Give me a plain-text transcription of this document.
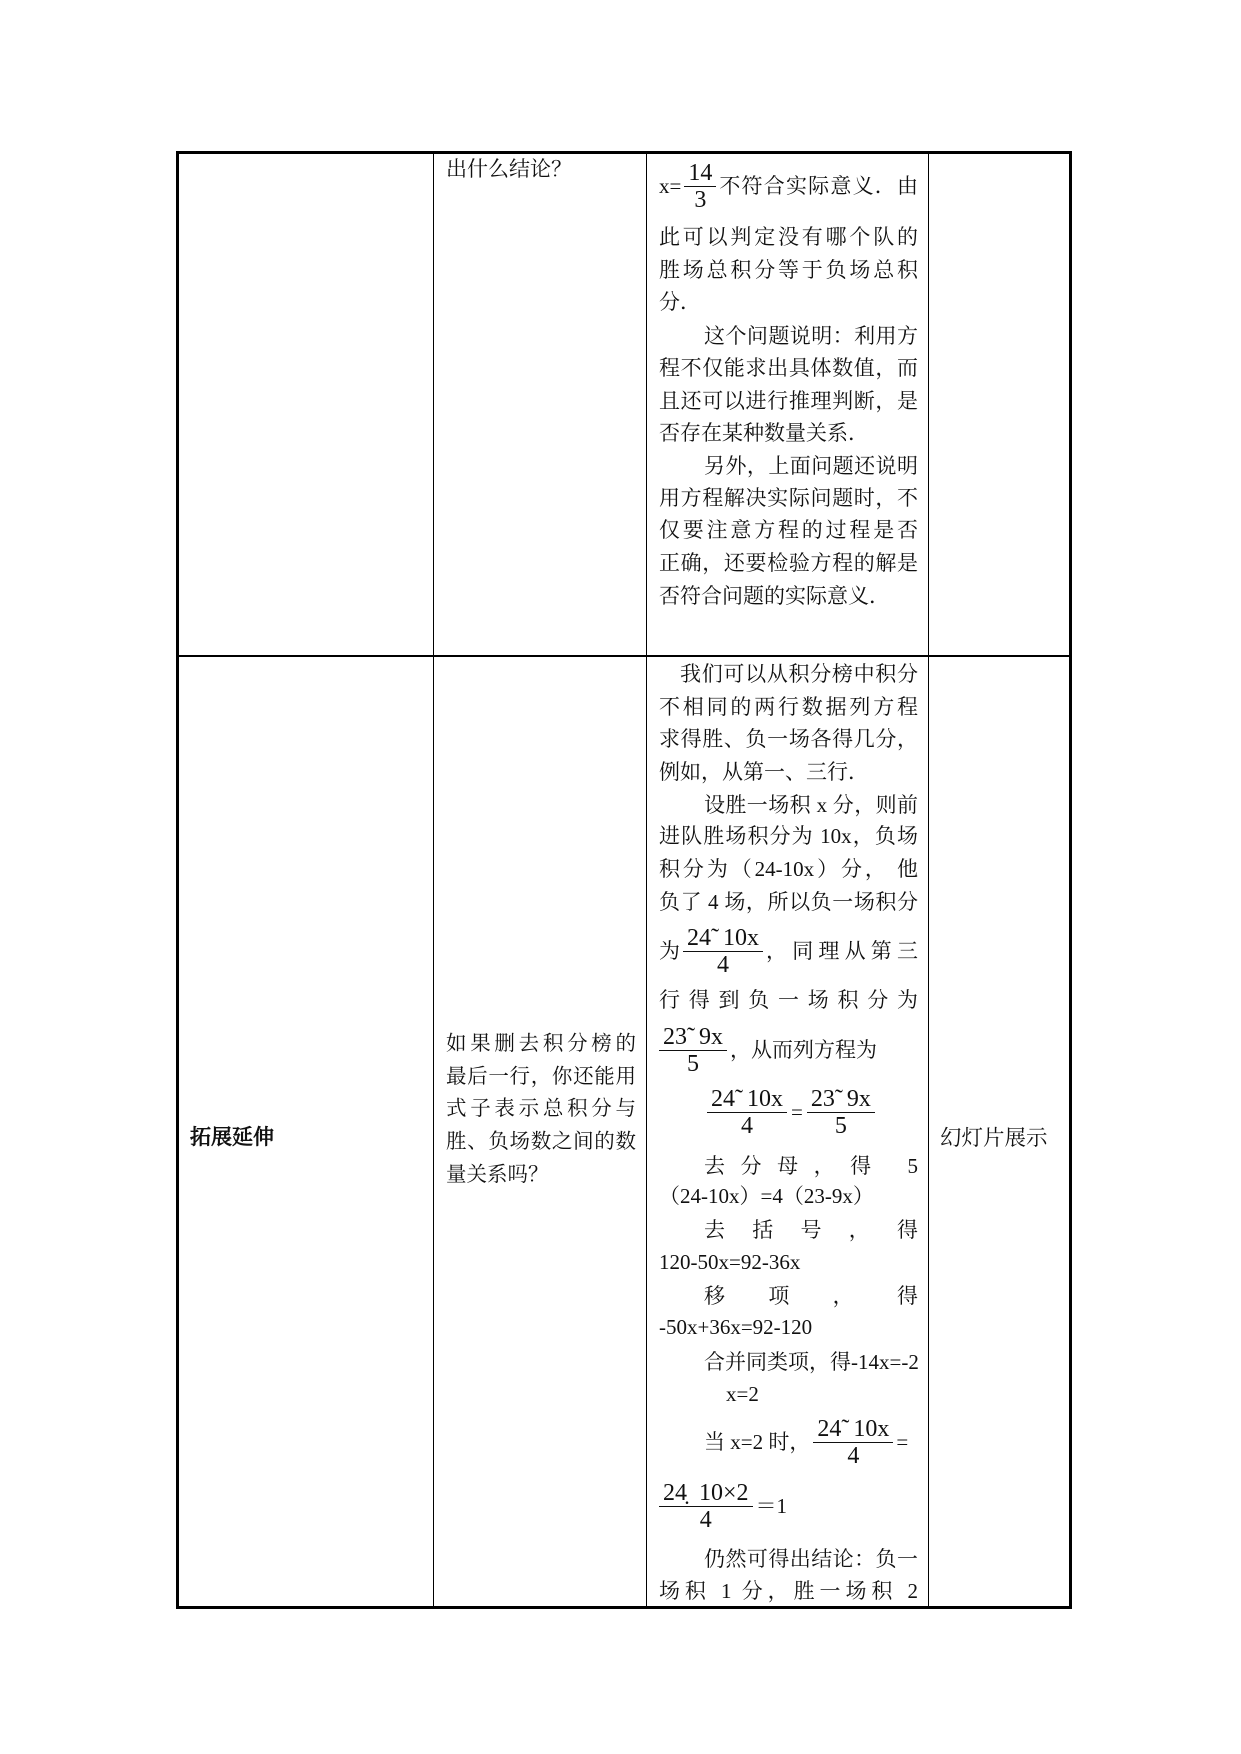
出什么结论？
$x= \frac{14}{3}$ 不符合实际意义．由
此可以判定没有哪个队的
胜场总积分等于负场总积
分．
这个问题说明：利用方
程不仅能求出具体数值，而
且还可以进行推理判断，是
否存在某种数量关系．
另外，上面问题还说明
用方程解决实际问题时，不
仅要注意方程的过程是否
正确，还要检验方程的解是
否符合问题的实际意义．
拓展延伸
如果删去积分榜的
最后一行，你还能用
式子表示总积分与
胜、负场数之间的数
量关系吗？
我们可以从积分榜中积分
不相同的两行数据列方程
求得胜、负一场各得几分，
例如，从第一、三行．
设胜一场积 x 分，则前
进队胜场积分为 10x，负场
积分为（24-10x）分， 他
负了 4 场，所以负一场积分
为 $\frac{24̃ 10x}{4}$ ，同理从第三
行得到负一场积分为
$\frac{23̃ 9x}{5}$ ，从而列方程为
$\frac{24̃ 10x}{4} = \frac{23̃ 9x}{5}$
去分母，得 5
（24-10x）=4（23-9x）
去括号，得
120-50x=92-36x
移项，得
-50x+36x=92-120
合并同类项，得-14x=-2
x=2
当 x=2 时， $\frac{24̃ 10x}{4}$ =
$\frac{24̣ 10\times 2}{4} =1$
仍然可得出结论：负一
场积 1 分，胜一场积 2
幻灯片展示
